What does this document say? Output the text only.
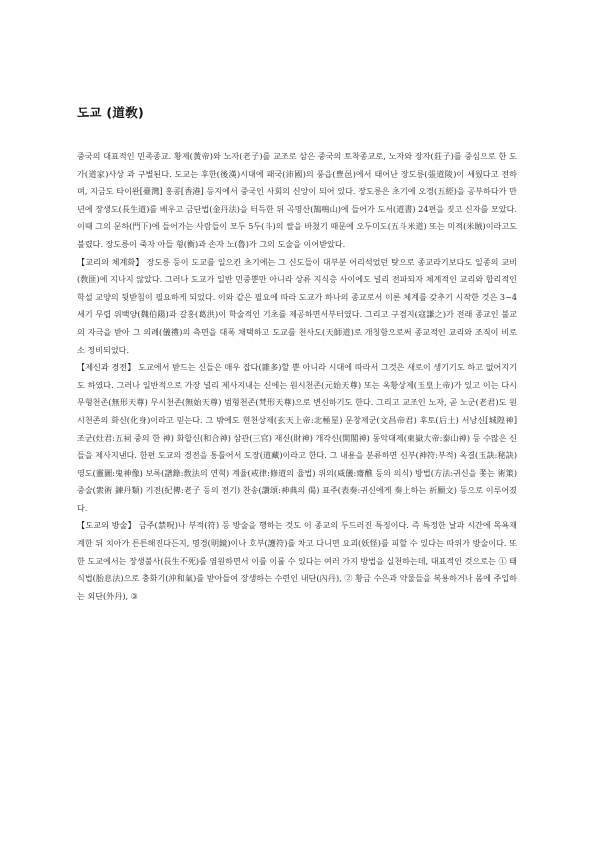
도교 (道敎)

중국의 대표적인 민족종교. 황제(黃帝)와 노자(老子)를 교조로 삼은 중국의 토착종교로, 노자와 장자(莊子)를 중심으로 한 도가(道家)사상 과 구별된다. 도교는 후한(後漢)시대에 패국(沛國)의 풍읍(豊邑)에서 태어난 장도릉(張道陵)이 세웠다고 전하며, 지금도 타이완[臺灣] 홍콩[香港] 등지에서 중국인 사회의 신앙이 되어 있다. 장도릉은 초기에 오경(五經)을 공부하다가 만년에 장생도(長生道)를 배우고 금단법(金丹法)을 터득한 뒤 곡명산(鵠鳴山)에 들어가 도서(道書) 24편을 짓고 신자를 모았다. 이때 그의 문하(門下)에 들어가는 사람들이 모두 5두(斗)의 쌀을 바쳤기 때문에 오두미도(五斗米道) 또는 미적(米賊)이라고도 불렸다. 장도릉이 죽자 아들 형(衡)과 손자 노(魯)가 그의 도술을 이어받았다.

【교리의 체계화】 장도릉 등이 도교를 일으킨 초기에는 그 신도들이 대부분 어리석었던 탓으로 종교라기보다도 일종의 교비(敎匪)에 지나지 않았다. 그러나 도교가 일반 민중뿐만 아니라 상류 지식층 사이에도 널리 전파되자 체계적인 교리와 합리적인 학설 교양의 뒷받침이 필요하게 되었다. 이와 같은 필요에 따라 도교가 하나의 종교로서 이론 체계를 갖추기 시작한 것은 3~4세기 무렵 위백양(魏伯陽)과 갈홍(葛洪)이 학술적인 기초를 제공하면서부터였다. 그리고 구겸지(寇謙之)가 전래 종교인 불교의 자극을 받아 그 의례(儀禮)의 측면을 대폭 채택하고 도교를 천사도(天師道)로 개칭함으로써 종교적인 교리와 조직이 비로소 정비되었다.

【제신과 경전】 도교에서 받드는 신들은 매우 잡다(雜多)할 뿐 아니라 시대에 따라서 그것은 새로이 생기기도 하고 없어지기도 하였다. 그러나 일반적으로 가장 널리 제사지내는 신에는 원시천존(元始天尊) 또는 옥황상제(玉皇上帝)가 있고 이는 다시 무형천존(無形天尊) 무시천존(無始天尊) 범형천존(梵形天尊)으로 변신하기도 한다. 그리고 교조인 노자, 곧 노군(老君)도 원시천존의 화신(化身)이라고 믿는다. 그 밖에도 현천상제(玄天上帝:北極星) 문창제군(文昌帝君) 후토(后土) 서낭신[城隍神] 조군(灶君:五祠 중의 한 神) 화합신(和合神) 삼관(三官) 재신(財神) 개각신(開閣神) 동악대제(東嶽大帝:泰山神) 등 수많은 신들을 제사지낸다. 한편 도교의 경전을 통틀어서 도장(道藏)이라고 한다. 그 내용을 분류하면 신부(神符:부적) 옥결(玉訣:秘訣) 영도(靈圖:鬼神像) 보록(譜錄:敎法의 연혁) 계율(戒律:修道의 율법) 위의(威儀:齋醮 등의 의식) 방법(方法:귀신을 쫓는 術策) 중술(衆術 鍊丹類) 기전(紀傳:老子 등의 전기) 찬송(讚頌:神典의 偈) 표주(表奏:귀신에게 奏上하는 祈願文) 등으로 이루어졌다.

【도교의 방술】 금주(禁呪)나 부적(符) 등 방술을 행하는 것도 이 종교의 두드러진 특징이다. 즉 특정한 날과 시간에 목욕재계한 뒤 치아가 튼튼해진다든지, 명경(明鏡)이나 호부(護符)를 차고 다니면 요괴(妖怪)를 피할 수 있다는 따위가 방술이다. 또한 도교에서는 장생불사(長生不死)를 염원하면서 이를 이룰 수 있다는 여러 가지 방법을 실천하는데, 대표적인 것으로는 ① 태식법(胎息法)으로 충화기(沖和氣)를 받아들여 장생하는 수련인 내단(內丹), ② 황금 수은과 약물들을 복용하거나 몸에 주입하는 외단(外丹), ③
